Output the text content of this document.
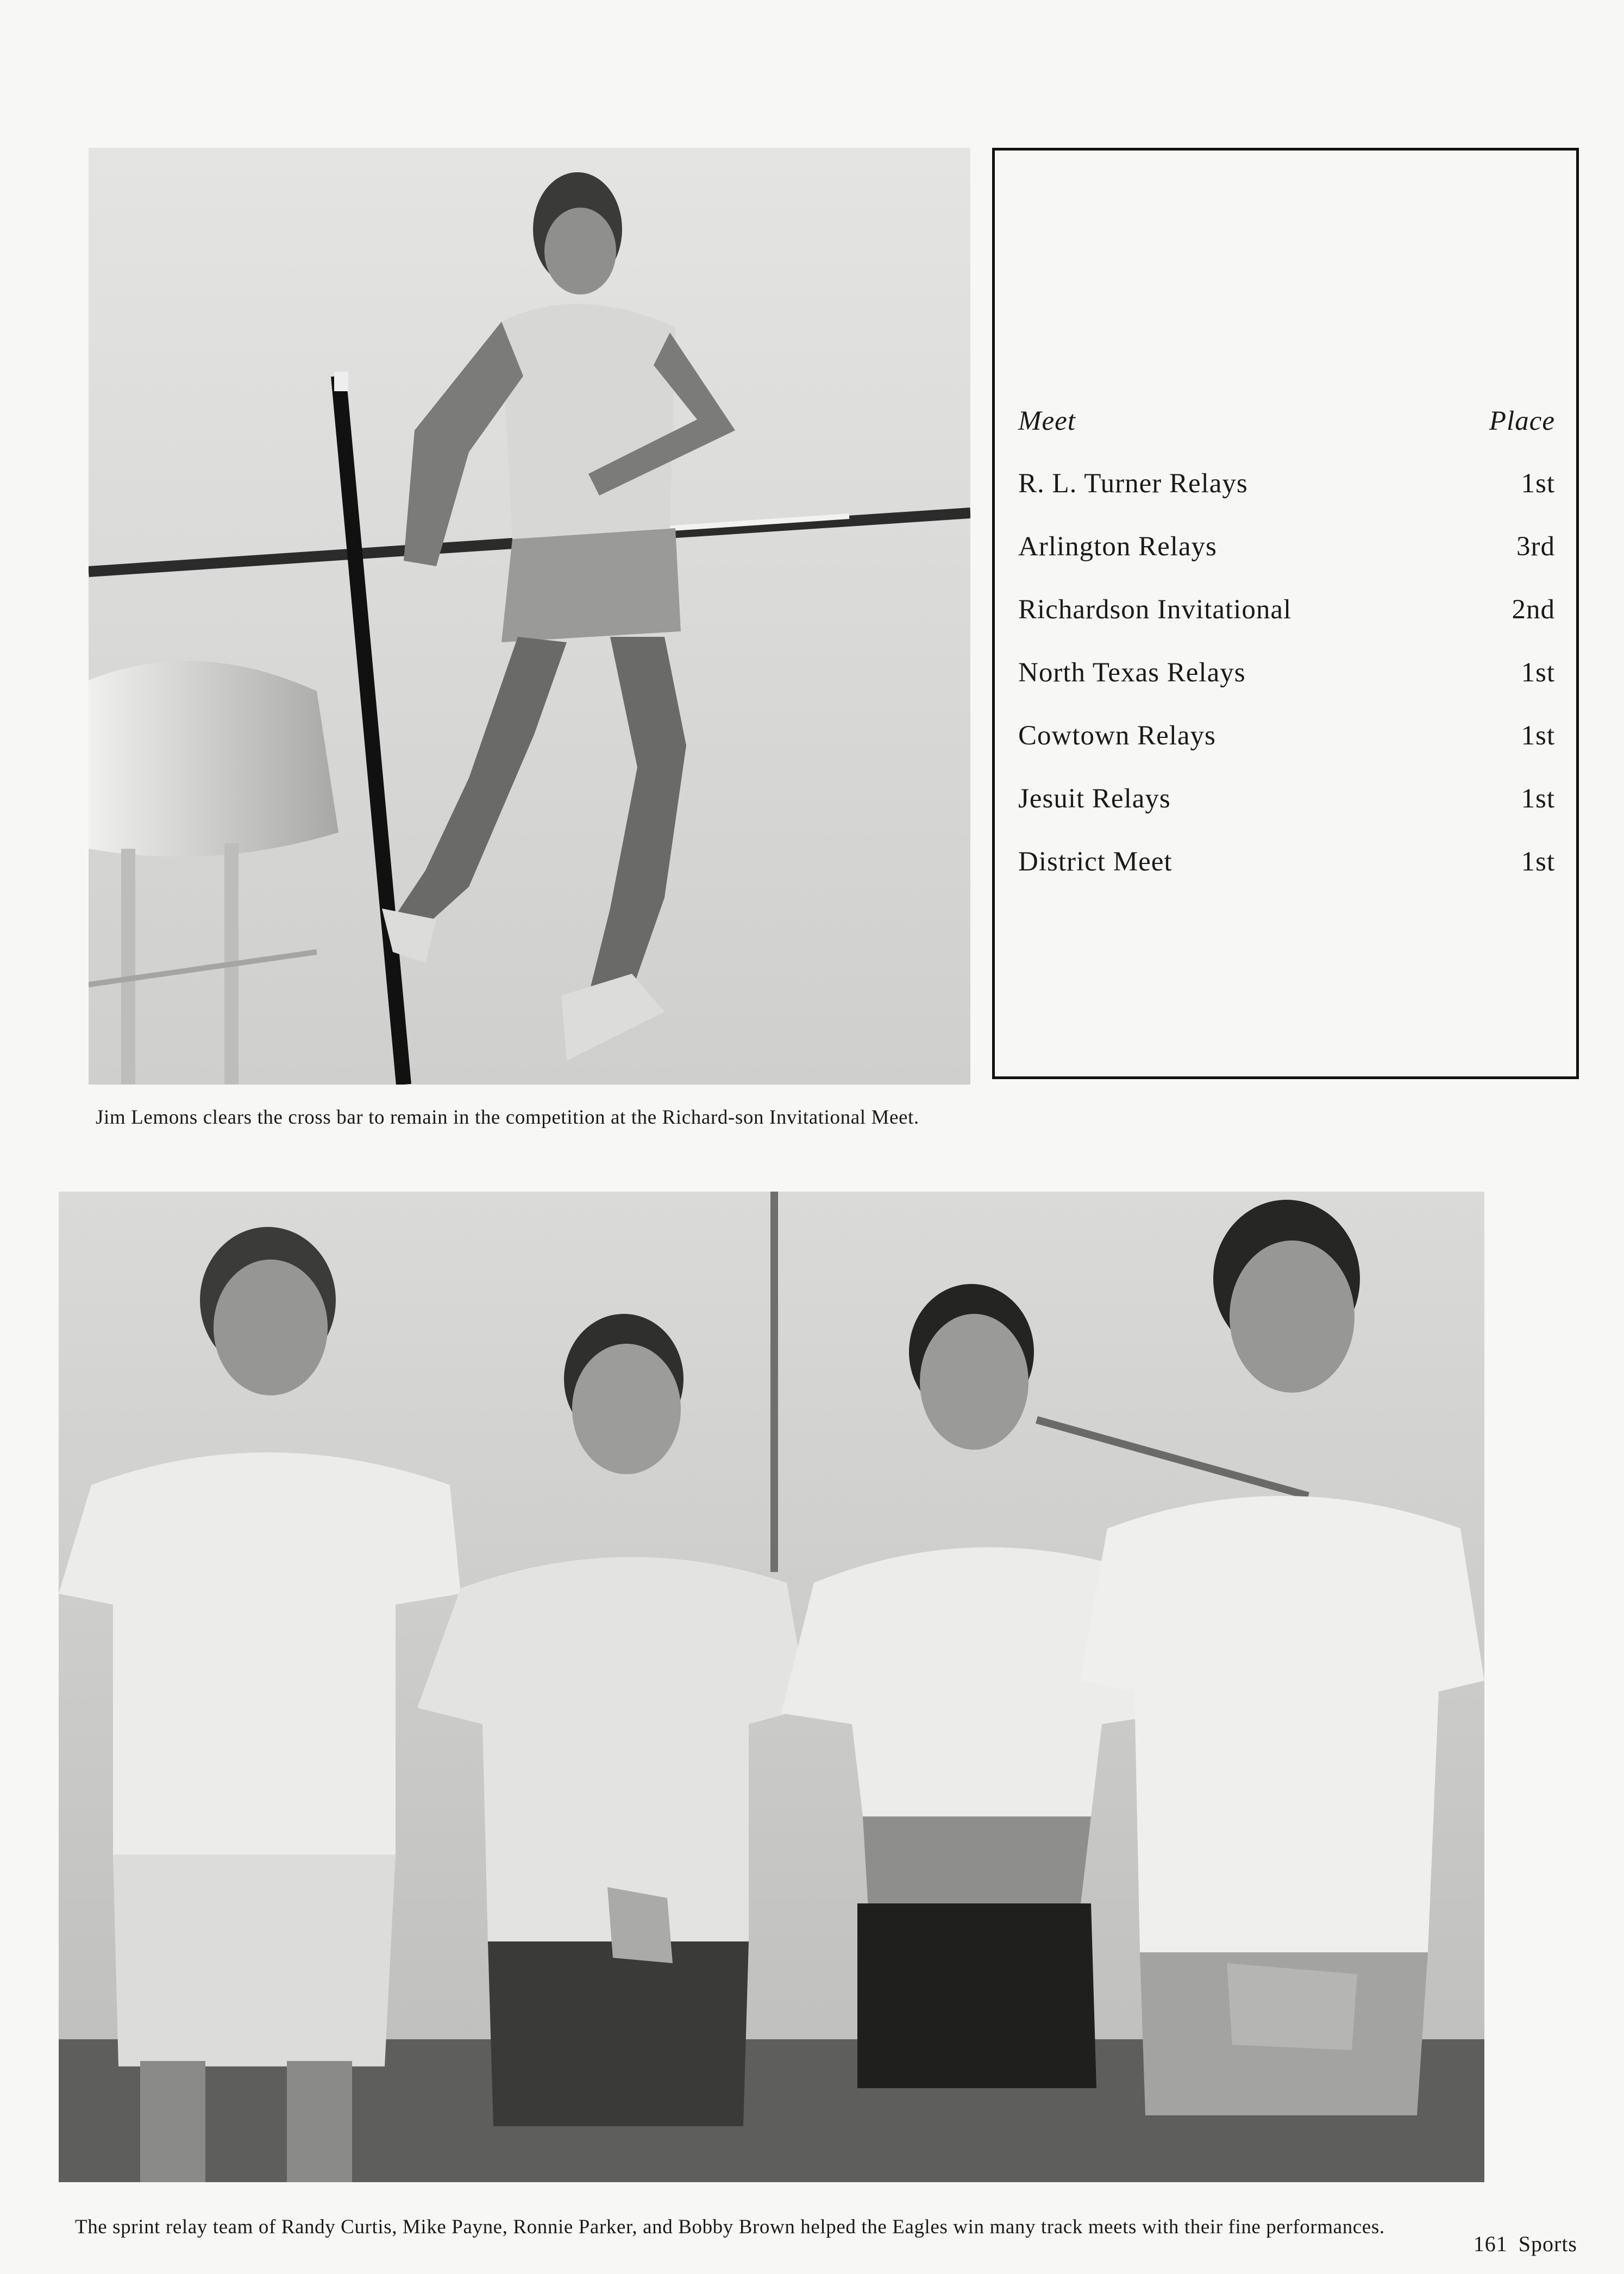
Meet	Place
R. L. Turner Relays	1st
Arlington Relays	3rd
Richardson Invitational	2nd
North Texas Relays	1st
Cowtown Relays	1st
Jesuit Relays	1st
District Meet	1st
Jim Lemons clears the cross bar to remain in the competition at the Richard-son Invitational Meet.
The sprint relay team of Randy Curtis, Mike Payne, Ronnie Parker, and Bobby Brown helped the Eagles win many track meets with their fine performances.
161 Sports
